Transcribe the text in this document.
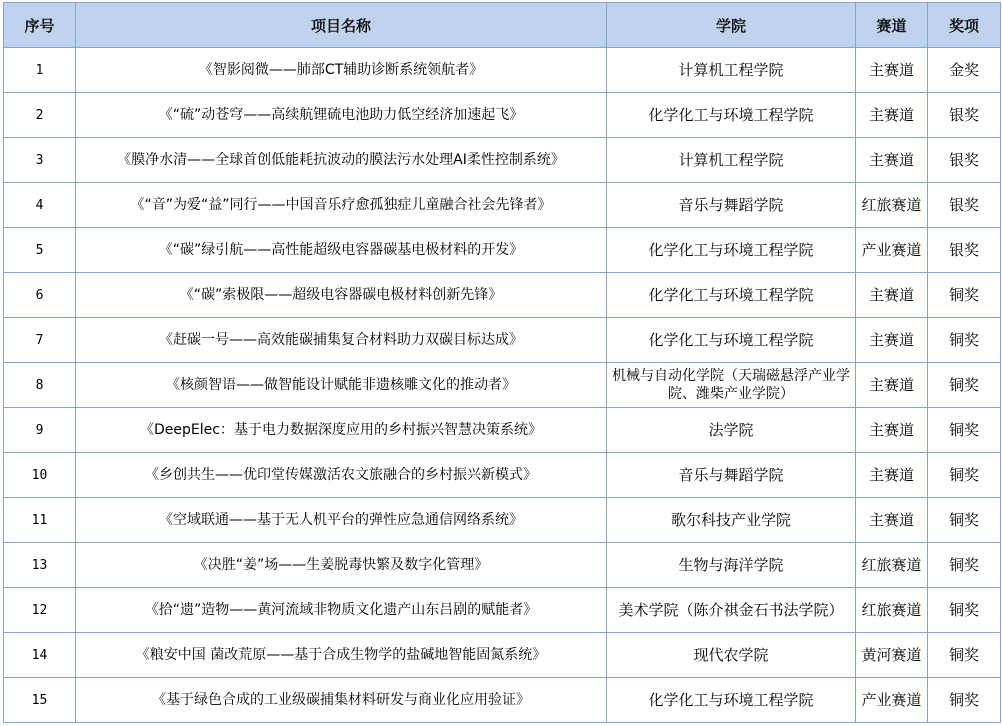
序号	项目名称	学院	赛道	奖项
1	《智影阅微——肺部CT辅助诊断系统领航者》	计算机工程学院	主赛道	金奖
2	《“硫”动苍穹——高续航锂硫电池助力低空经济加速起飞》	化学化工与环境工程学院	主赛道	银奖
3	《膜净水清——全球首创低能耗抗波动的膜法污水处理AI柔性控制系统》	计算机工程学院	主赛道	银奖
4	《“音”为爱“益”同行——中国音乐疗愈孤独症儿童融合社会先锋者》	音乐与舞蹈学院	红旅赛道	银奖
5	《“碳”绿引航——高性能超级电容器碳基电极材料的开发》	化学化工与环境工程学院	产业赛道	银奖
6	《“碳”索极限——超级电容器碳电极材料创新先锋》	化学化工与环境工程学院	主赛道	铜奖
7	《赶碳一号——高效能碳捕集复合材料助力双碳目标达成》	化学化工与环境工程学院	主赛道	铜奖
8	《核颜智语——做智能设计赋能非遗核雕文化的推动者》	机械与自动化学院（天瑞磁悬浮产业学院、潍柴产业学院）	主赛道	铜奖
9	《DeepElec：基于电力数据深度应用的乡村振兴智慧决策系统》	法学院	主赛道	铜奖
10	《乡创共生——优印堂传媒激活农文旅融合的乡村振兴新模式》	音乐与舞蹈学院	主赛道	铜奖
11	《空域联通——基于无人机平台的弹性应急通信网络系统》	歌尔科技产业学院	主赛道	铜奖
13	《决胜“姜”场——生姜脱毒快繁及数字化管理》	生物与海洋学院	红旅赛道	铜奖
12	《拾“遗”造物——黄河流域非物质文化遗产山东吕剧的赋能者》	美术学院（陈介祺金石书法学院）	红旅赛道	铜奖
14	《粮安中国 菌改荒原——基于合成生物学的盐碱地智能固氮系统》	现代农学院	黄河赛道	铜奖
15	《基于绿色合成的工业级碳捕集材料研发与商业化应用验证》	化学化工与环境工程学院	产业赛道	铜奖
